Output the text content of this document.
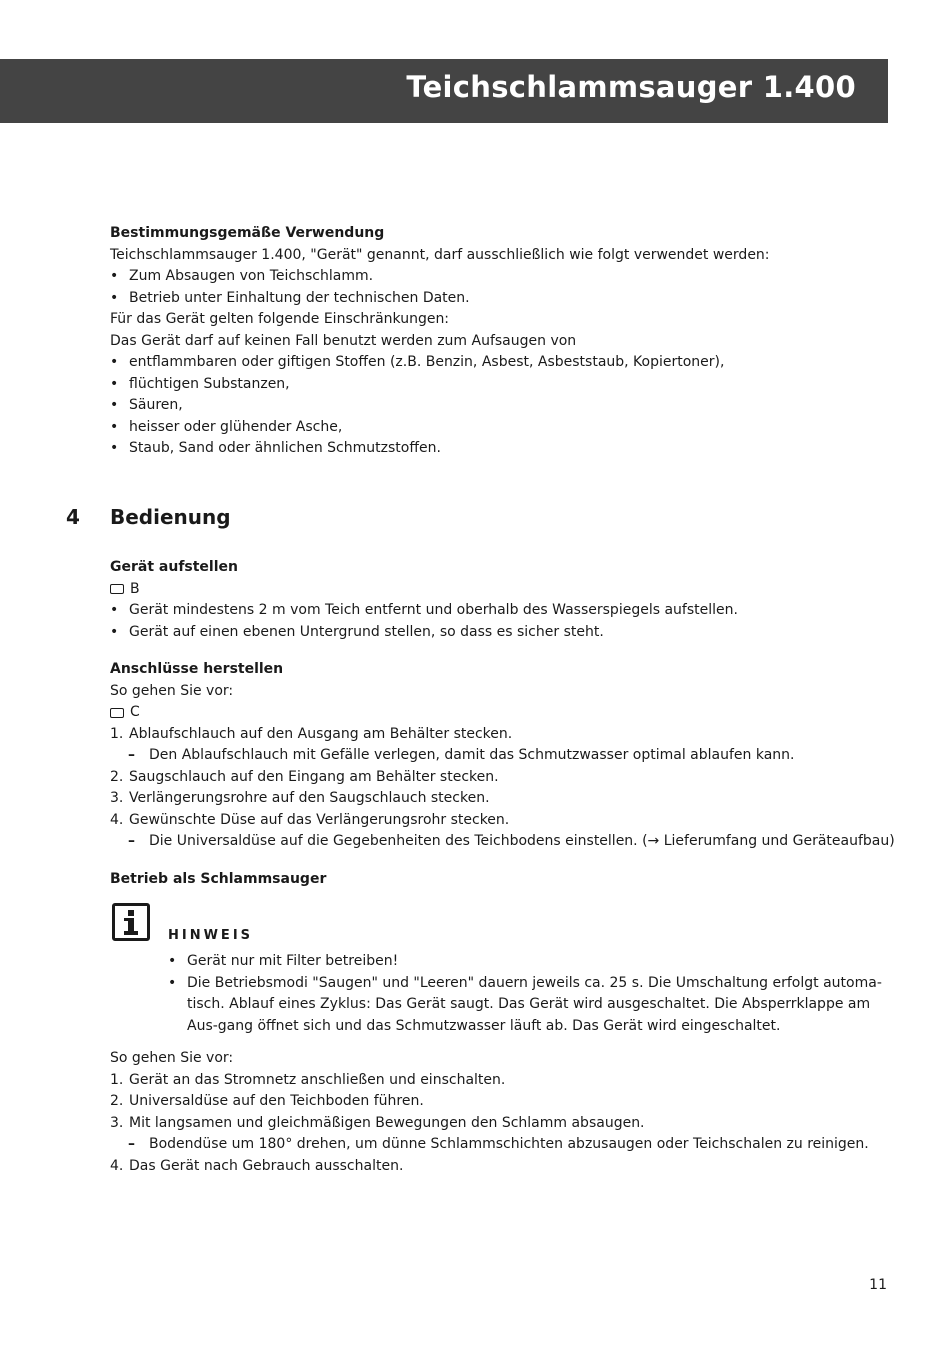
Teichschlammsauger 1.400
Bestimmungsgemäße Verwendung
Teichschlammsauger 1.400, "Gerät" genannt, darf ausschließlich wie folgt verwendet werden:
• Zum Absaugen von Teichschlamm.
• Betrieb unter Einhaltung der technischen Daten.
Für das Gerät gelten folgende Einschränkungen:
Das Gerät darf auf keinen Fall benutzt werden zum Aufsaugen von
• entflammbaren oder giftigen Stoffen (z.B. Benzin, Asbest, Asbeststaub, Kopiertoner),
• flüchtigen Substanzen,
• Säuren,
• heisser oder glühender Asche,
• Staub, Sand oder ähnlichen Schmutzstoffen.
4 Bedienung
Gerät aufstellen
B
• Gerät mindestens 2 m vom Teich entfernt und oberhalb des Wasserspiegels aufstellen.
• Gerät auf einen ebenen Untergrund stellen, so dass es sicher steht.
Anschlüsse herstellen
So gehen Sie vor:
C
1. Ablaufschlauch auf den Ausgang am Behälter stecken.
– Den Ablaufschlauch mit Gefälle verlegen, damit das Schmutzwasser optimal ablaufen kann.
2. Saugschlauch auf den Eingang am Behälter stecken.
3. Verlängerungsrohre auf den Saugschlauch stecken.
4. Gewünschte Düse auf das Verlängerungsrohr stecken.
– Die Universaldüse auf die Gegebenheiten des Teichbodens einstellen. (→ Lieferumfang und Geräteaufbau)
Betrieb als Schlammsauger
HINWEIS
• Gerät nur mit Filter betreiben!
• Die Betriebsmodi "Saugen" und "Leeren" dauern jeweils ca. 25 s. Die Umschaltung erfolgt automa-tisch. Ablauf eines Zyklus: Das Gerät saugt. Das Gerät wird ausgeschaltet. Die Absperrklappe am Aus-gang öffnet sich und das Schmutzwasser läuft ab. Das Gerät wird eingeschaltet.
So gehen Sie vor:
1. Gerät an das Stromnetz anschließen und einschalten.
2. Universaldüse auf den Teichboden führen.
3. Mit langsamen und gleichmäßigen Bewegungen den Schlamm absaugen.
– Bodendüse um 180° drehen, um dünne Schlammschichten abzusaugen oder Teichschalen zu reinigen.
4. Das Gerät nach Gebrauch ausschalten.
11
